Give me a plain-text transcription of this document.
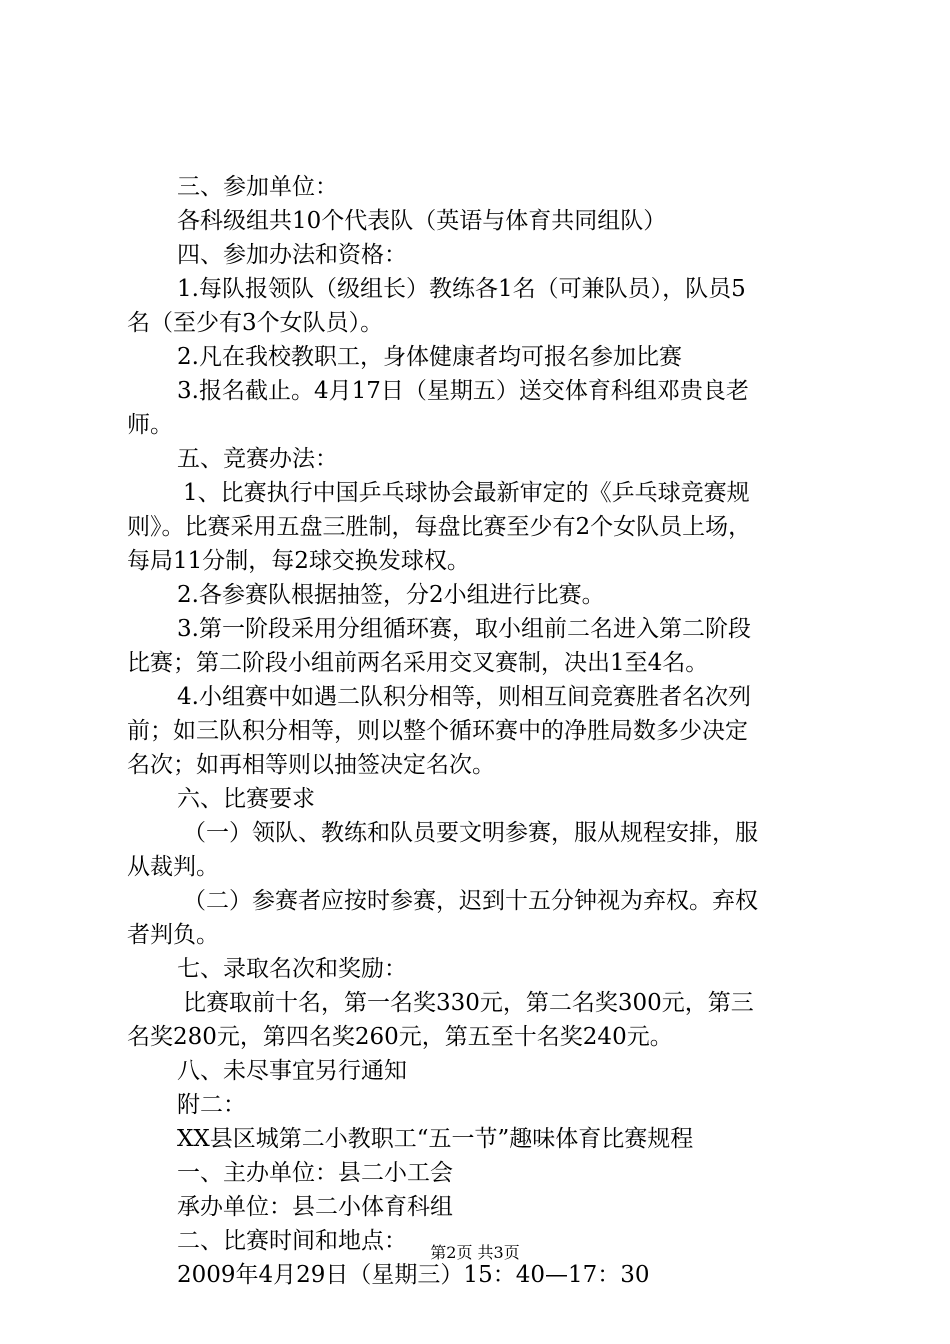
三、参加单位：

各科级组共10个代表队（英语与体育共同组队）

四、参加办法和资格：

1.每队报领队（级组长）教练各1名（可兼队员），队员5

名（至少有3个女队员）。

2.凡在我校教职工，身体健康者均可报名参加比赛

3.报名截止。4月17日（星期五）送交体育科组邓贵良老

师。

五、竞赛办法：

1、比赛执行中国乒乓球协会最新审定的《乒乓球竞赛规

则》。比赛采用五盘三胜制，每盘比赛至少有2个女队员上场，

每局11分制，每2球交换发球权。

2.各参赛队根据抽签，分2小组进行比赛。

3.第一阶段采用分组循环赛，取小组前二名进入第二阶段

比赛；第二阶段小组前两名采用交叉赛制，决出1至4名。

4.小组赛中如遇二队积分相等，则相互间竞赛胜者名次列

前；如三队积分相等，则以整个循环赛中的净胜局数多少决定

名次；如再相等则以抽签决定名次。

六、比赛要求

（一）领队、教练和队员要文明参赛，服从规程安排，服

从裁判。

（二）参赛者应按时参赛，迟到十五分钟视为弃权。弃权

者判负。

七、录取名次和奖励：

比赛取前十名，第一名奖330元，第二名奖300元，第三

名奖280元，第四名奖260元，第五至十名奖240元。

八、未尽事宜另行通知

附二：

XX县区城第二小教职工“五一节”趣味体育比赛规程

一、主办单位：县二小工会

承办单位：县二小体育科组

二、比赛时间和地点：

2009年4月29日（星期三）15：40—17：30

第2页 共3页
